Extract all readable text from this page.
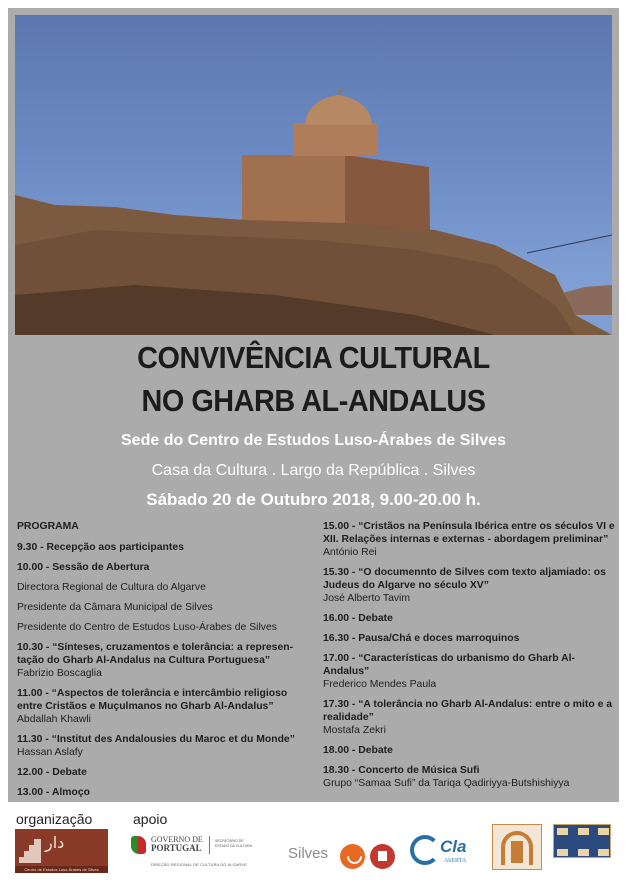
CONVIVÊNCIA CULTURAL
NO GHARB AL-ANDALUS
Sede do Centro de Estudos Luso-Árabes de Silves
Casa da Cultura . Largo da República . Silves
Sábado 20 de Outubro 2018, 9.00-20.00 h.
PROGRAMA
9.30 - Recepção aos participantes
10.00 - Sessão de Abertura
Directora Regional de Cultura do Algarve
Presidente da Câmara Municipal de Silves
Presidente do Centro de Estudos Luso-Árabes de Silves
10.30 - “Sínteses, cruzamentos e tolerância: a represen-tação do Gharb Al-Andalus na Cultura Portuguesa”
Fabrizio Boscaglia
11.00 - “Aspectos de tolerância e intercâmbio religioso entre Cristãos e Muçulmanos no Gharb Al-Andalus”
Abdallah Khawli
11.30 - “Institut des Andalousies du Maroc et du Monde”
Hassan Aslafy
12.00 - Debate
13.00 - Almoço
15.00 - “Cristãos na Península Ibérica entre os séculos VI e XII. Relações internas e externas - abordagem preliminar”
António Rei
15.30 - “O documennto de Silves com texto aljamiado: os Judeus do Algarve no século XV”
José Alberto Tavim
16.00 - Debate
16.30 - Pausa/Chá e doces marroquinos
17.00 - “Características do urbanismo do Gharb Al-Andalus”
Frederico Mendes Paula
17.30 - “A tolerância no Gharb Al-Andalus: entre o mito e a realidade”
Mostafa Zekri
18.00 - Debate
18.30 - Concerto de Música Sufi
Grupo “Samaa Sufi” da Tariqa Qadiriyya-Butshishiyya
organização	apoio
ﺩﺍﺭ
Centro de Estudos Luso-Árabes de Silves
GOVERNO DE
PORTUGAL
SECRETÁRIO DE ESTADO DA CULTURA
DIREÇÃO REGIONAL DE CULTURA DO ALGARVE
Silves	Cla
AbERTA
